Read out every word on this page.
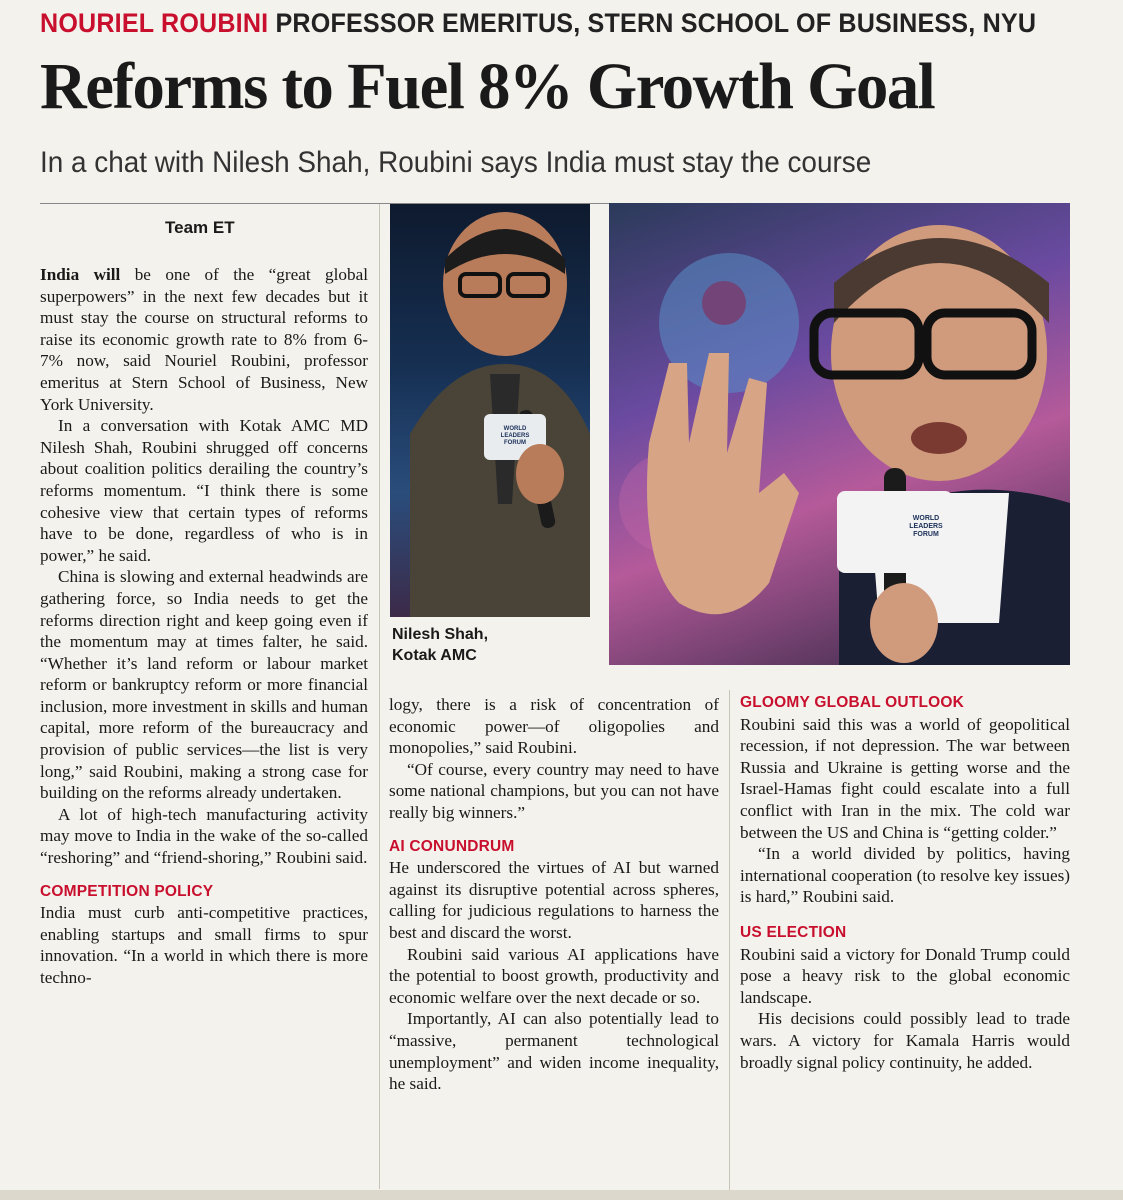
NOURIEL ROUBINI PROFESSOR EMERITUS, STERN SCHOOL OF BUSINESS, NYU
Reforms to Fuel 8% Growth Goal
In a chat with Nilesh Shah, Roubini says India must stay the course
Team ET

India will be one of the “great global superpowers” in the next few decades but it must stay the course on structural reforms to raise its economic growth rate to 8% from 6-7% now, said Nouriel Roubini, professor emeritus at Stern School of Business, New York University.

In a conversation with Kotak AMC MD Nilesh Shah, Roubini shrugged off concerns about coalition politics derailing the country’s reforms momentum. “I think there is some cohesive view that certain types of reforms have to be done, regardless of who is in power,” he said.

China is slowing and external headwinds are gathering force, so India needs to get the reforms direction right and keep going even if the momentum may at times falter, he said. “Whether it’s land reform or labour market reform or bankruptcy reform or more financial inclusion, more investment in skills and human capital, more reform of the bureaucracy and provision of public services—the list is very long,” said Roubini, making a strong case for building on the reforms already undertaken.

A lot of high-tech manufacturing activity may move to India in the wake of the so-called “reshoring” and “friend-shoring,” Roubini said.

COMPETITION POLICY

India must curb anti-competitive practices, enabling startups and small firms to spur innovation. “In a world in which there is more techno-

WORLD LEADERS FORUM
Nilesh Shah,
Kotak AMC
WORLD LEADERS FORUM

logy, there is a risk of concentration of economic power—of oligopolies and monopolies,” said Roubini.

“Of course, every country may need to have some national champions, but you can not have really big winners.”

AI CONUNDRUM

He underscored the virtues of AI but warned against its disruptive potential across spheres, calling for judicious regulations to harness the best and discard the worst.

Roubini said various AI applications have the potential to boost growth, productivity and economic welfare over the next decade or so.

Importantly, AI can also potentially lead to “massive, permanent technological unemployment” and widen income inequality, he said.

GLOOMY GLOBAL OUTLOOK

Roubini said this was a world of geopolitical recession, if not depression. The war between Russia and Ukraine is getting worse and the Israel-Hamas fight could escalate into a full conflict with Iran in the mix. The cold war between the US and China is “getting colder.”

“In a world divided by politics, having international cooperation (to resolve key issues) is hard,” Roubini said.

US ELECTION

Roubini said a victory for Donald Trump could pose a heavy risk to the global economic landscape.

His decisions could possibly lead to trade wars. A victory for Kamala Harris would broadly signal policy continuity, he added.
